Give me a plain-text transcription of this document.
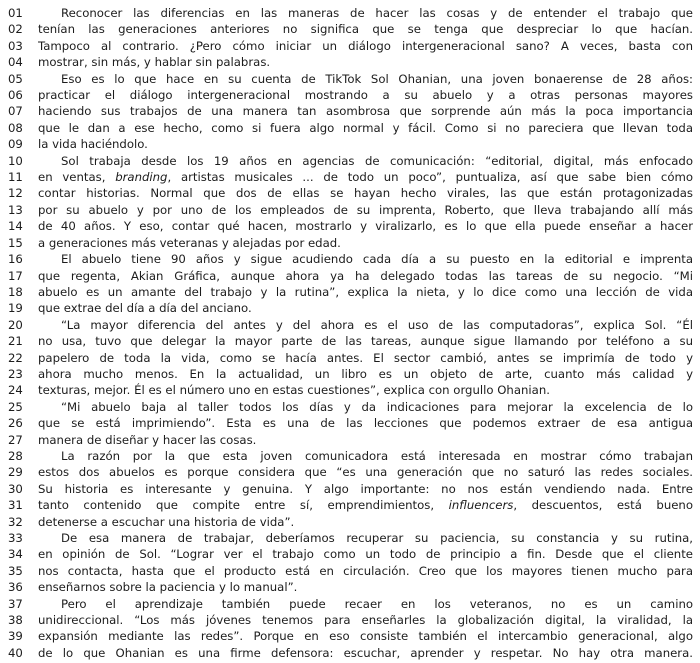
01	Reconocer las diferencias en las maneras de hacer las cosas y de entender el trabajo que
02	tenían las generaciones anteriores no significa que se tenga que despreciar lo que hacían.
03	Tampoco al contrario. ¿Pero cómo iniciar un diálogo intergeneracional sano? A veces, basta con
04	mostrar, sin más, y hablar sin palabras.
05	Eso es lo que hace en su cuenta de TikTok Sol Ohanian, una joven bonaerense de 28 años:
06	practicar el diálogo intergeneracional mostrando a su abuelo y a otras personas mayores
07	haciendo sus trabajos de una manera tan asombrosa que sorprende aún más la poca importancia
08	que le dan a ese hecho, como si fuera algo normal y fácil. Como si no pareciera que llevan toda
09	la vida haciéndolo.
10	Sol trabaja desde los 19 años en agencias de comunicación: “editorial, digital, más enfocado
11	en ventas, branding, artistas musicales ... de todo un poco”, puntualiza, así que sabe bien cómo
12	contar historias. Normal que dos de ellas se hayan hecho virales, las que están protagonizadas
13	por su abuelo y por uno de los empleados de su imprenta, Roberto, que lleva trabajando allí más
14	de 40 años. Y eso, contar qué hacen, mostrarlo y viralizarlo, es lo que ella puede enseñar a hacer
15	a generaciones más veteranas y alejadas por edad.
16	El abuelo tiene 90 años y sigue acudiendo cada día a su puesto en la editorial e imprenta
17	que regenta, Akian Gráfica, aunque ahora ya ha delegado todas las tareas de su negocio. “Mi
18	abuelo es un amante del trabajo y la rutina”, explica la nieta, y lo dice como una lección de vida
19	que extrae del día a día del anciano.
20	“La mayor diferencia del antes y del ahora es el uso de las computadoras”, explica Sol. “Él
21	no usa, tuvo que delegar la mayor parte de las tareas, aunque sigue llamando por teléfono a su
22	papelero de toda la vida, como se hacía antes. El sector cambió, antes se imprimía de todo y
23	ahora mucho menos. En la actualidad, un libro es un objeto de arte, cuanto más calidad y
24	texturas, mejor. Él es el número uno en estas cuestiones”, explica con orgullo Ohanian.
25	“Mi abuelo baja al taller todos los días y da indicaciones para mejorar la excelencia de lo
26	que se está imprimiendo”. Esta es una de las lecciones que podemos extraer de esa antigua
27	manera de diseñar y hacer las cosas.
28	La razón por la que esta joven comunicadora está interesada en mostrar cómo trabajan
29	estos dos abuelos es porque considera que “es una generación que no saturó las redes sociales.
30	Su historia es interesante y genuina. Y algo importante: no nos están vendiendo nada. Entre
31	tanto contenido que compite entre sí, emprendimientos, influencers, descuentos, está bueno
32	detenerse a escuchar una historia de vida”.
33	De esa manera de trabajar, deberíamos recuperar su paciencia, su constancia y su rutina,
34	en opinión de Sol. “Lograr ver el trabajo como un todo de principio a fin. Desde que el cliente
35	nos contacta, hasta que el producto está en circulación. Creo que los mayores tienen mucho para
36	enseñarnos sobre la paciencia y lo manual”.
37	Pero el aprendizaje también puede recaer en los veteranos, no es un camino
38	unidireccional. “Los más jóvenes tenemos para enseñarles la globalización digital, la viralidad, la
39	expansión mediante las redes”. Porque en eso consiste también el intercambio generacional, algo
40	de lo que Ohanian es una firme defensora: escuchar, aprender y respetar. No hay otra manera.
